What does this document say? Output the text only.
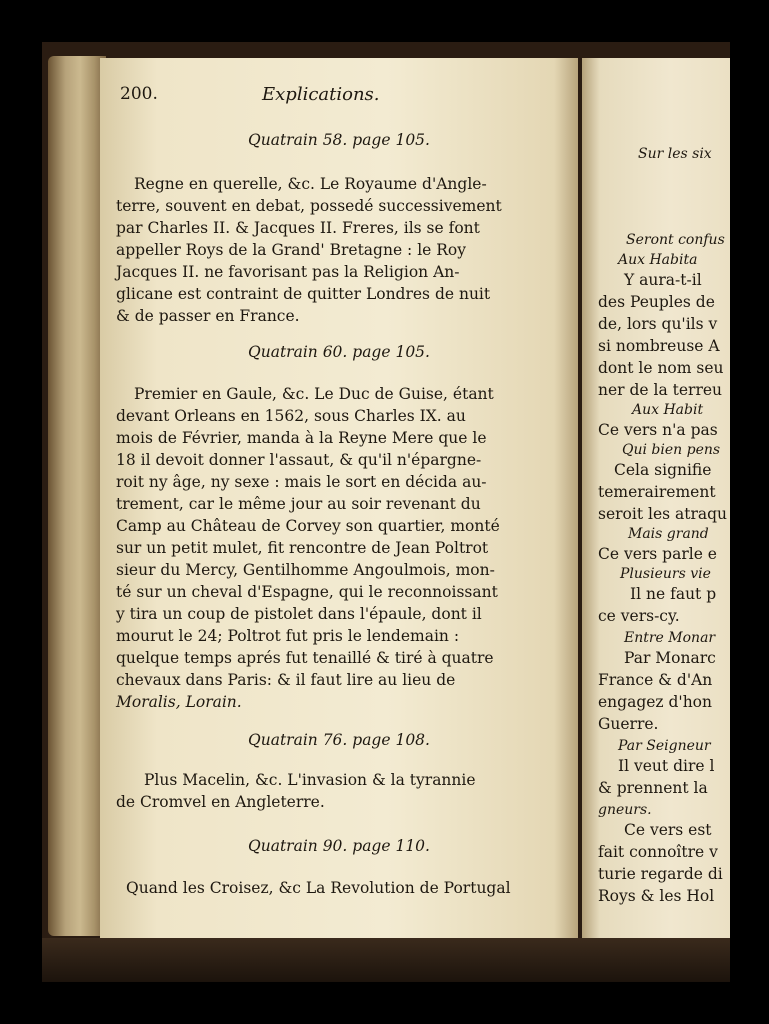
200.	Explications.
Quatrain 58. page 105.
Regne en querelle, &c. Le Royaume d'Angle-
terre, souvent en debat, possedé successivement
par Charles II. & Jacques II. Freres, ils se font
appeller Roys de la Grand' Bretagne : le Roy
Jacques II. ne favorisant pas la Religion An-
glicane est contraint de quitter Londres de nuit
& de passer en France.
Quatrain 60. page 105.
Premier en Gaule, &c. Le Duc de Guise, étant
devant Orleans en 1562, sous Charles IX. au
mois de Février, manda à la Reyne Mere que le
18 il devoit donner l'assaut, & qu'il n'épargne-
roit ny âge, ny sexe : mais le sort en décida au-
trement, car le même jour au soir revenant du
Camp au Château de Corvey son quartier, monté
sur un petit mulet, fit rencontre de Jean Poltrot
sieur du Mercy, Gentilhomme Angoulmois, mon-
té sur un cheval d'Espagne, qui le reconnoissant
y tira un coup de pistolet dans l'épaule, dont il
mourut le 24; Poltrot fut pris le lendemain :
quelque temps aprés fut tenaillé & tiré à quatre
chevaux dans Paris: & il faut lire au lieu de
Moralis, Lorain.
Quatrain 76. page 108.
Plus Macelin, &c. L'invasion & la tyrannie
de Cromvel en Angleterre.
Quatrain 90. page 110.
Quand les Croisez, &c La Revolution de Portugal
Sur les six
Seront confus
Aux Habita
Y aura-t-il
des Peuples de
de, lors qu'ils v
si nombreuse A
dont le nom seu
ner de la terreu
Aux Habit
Ce vers n'a pas
Qui bien pens
Cela signifie
temerairement
seroit les atraqu
Mais grand
Ce vers parle e
Plusieurs vie
Il ne faut p
ce vers-cy.
Entre Monar
Par Monarc
France & d'An
engagez d'hon
Guerre.
Par Seigneur
Il veut dire l
& prennent la
gneurs.
Ce vers est
fait connoître v
turie regarde di
Roys & les Hol
